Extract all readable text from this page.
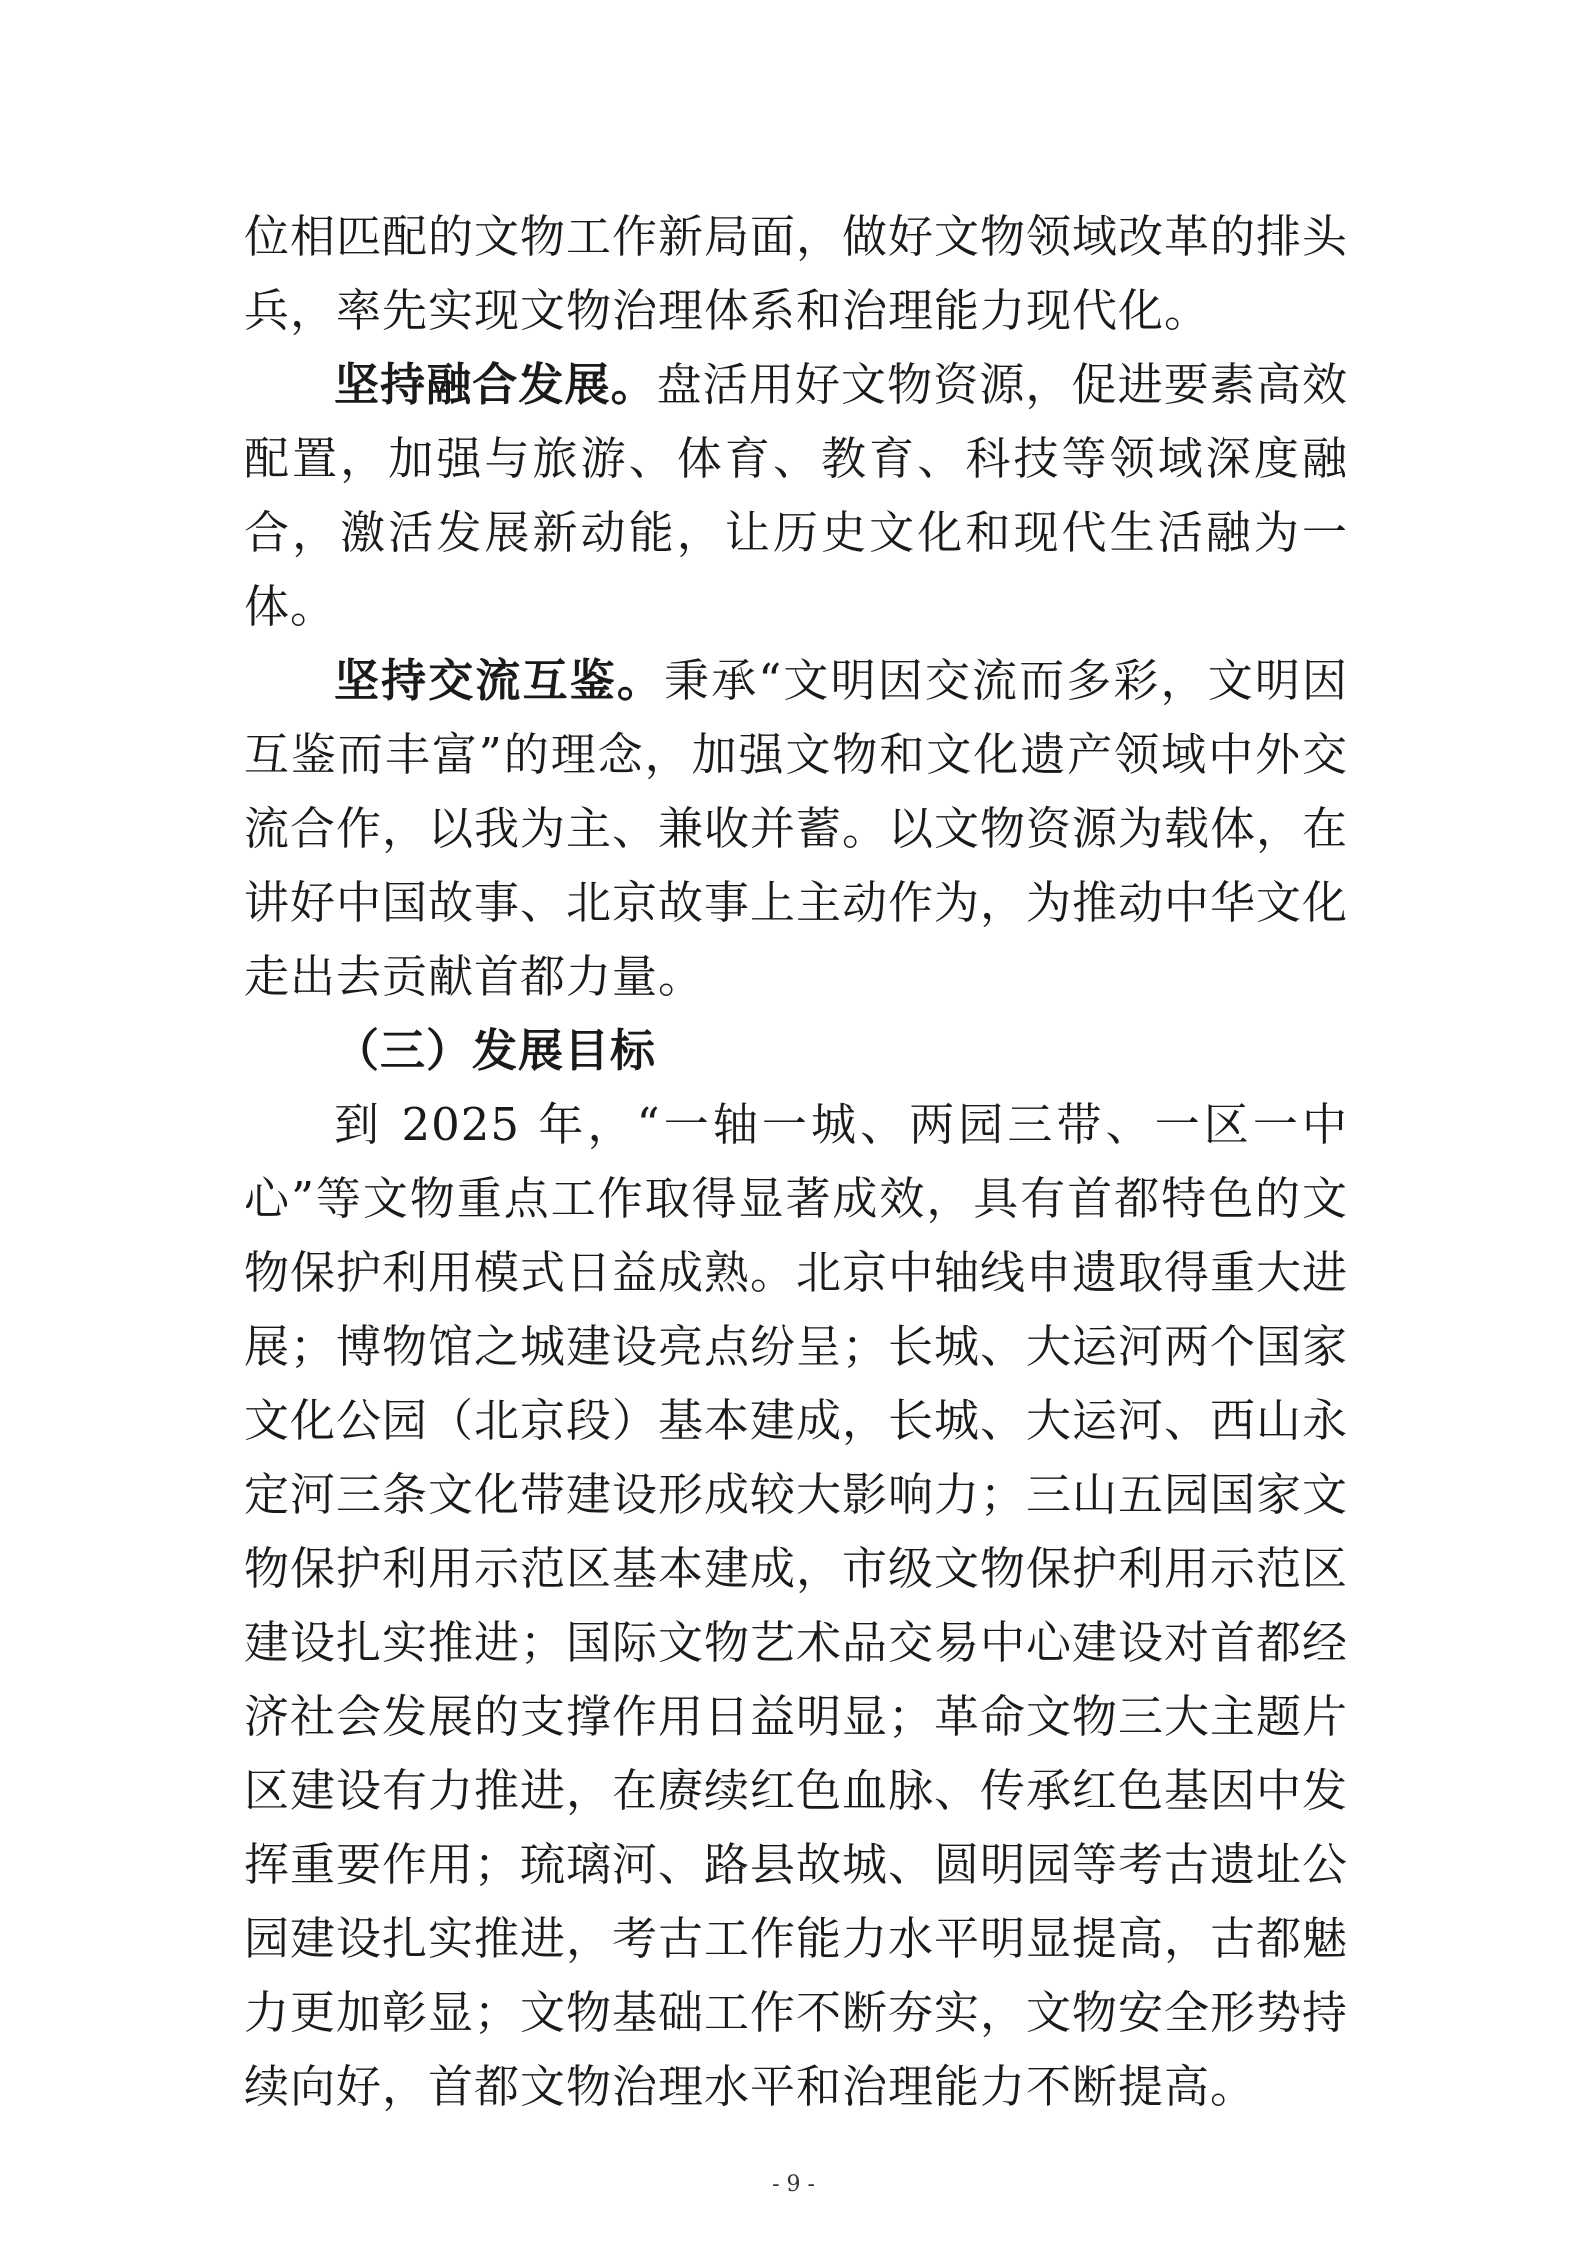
位相匹配的文物工作新局面，做好文物领域改革的排头兵，率先实现文物治理体系和治理能力现代化。

坚持融合发展。盘活用好文物资源，促进要素高效配置，加强与旅游、体育、教育、科技等领域深度融合，激活发展新动能，让历史文化和现代生活融为一体。

坚持交流互鉴。秉承“文明因交流而多彩，文明因互鉴而丰富”的理念，加强文物和文化遗产领域中外交流合作，以我为主、兼收并蓄。以文物资源为载体，在讲好中国故事、北京故事上主动作为，为推动中华文化走出去贡献首都力量。

（三）发展目标

到 2025 年，“一轴一城、两园三带、一区一中心”等文物重点工作取得显著成效，具有首都特色的文物保护利用模式日益成熟。北京中轴线申遗取得重大进展；博物馆之城建设亮点纷呈；长城、大运河两个国家文化公园（北京段）基本建成，长城、大运河、西山永定河三条文化带建设形成较大影响力；三山五园国家文物保护利用示范区基本建成，市级文物保护利用示范区建设扎实推进；国际文物艺术品交易中心建设对首都经济社会发展的支撑作用日益明显；革命文物三大主题片区建设有力推进，在赓续红色血脉、传承红色基因中发挥重要作用；琉璃河、路县故城、圆明园等考古遗址公园建设扎实推进，考古工作能力水平明显提高，古都魅力更加彰显；文物基础工作不断夯实，文物安全形势持续向好，首都文物治理水平和治理能力不断提高。

- 9 -
